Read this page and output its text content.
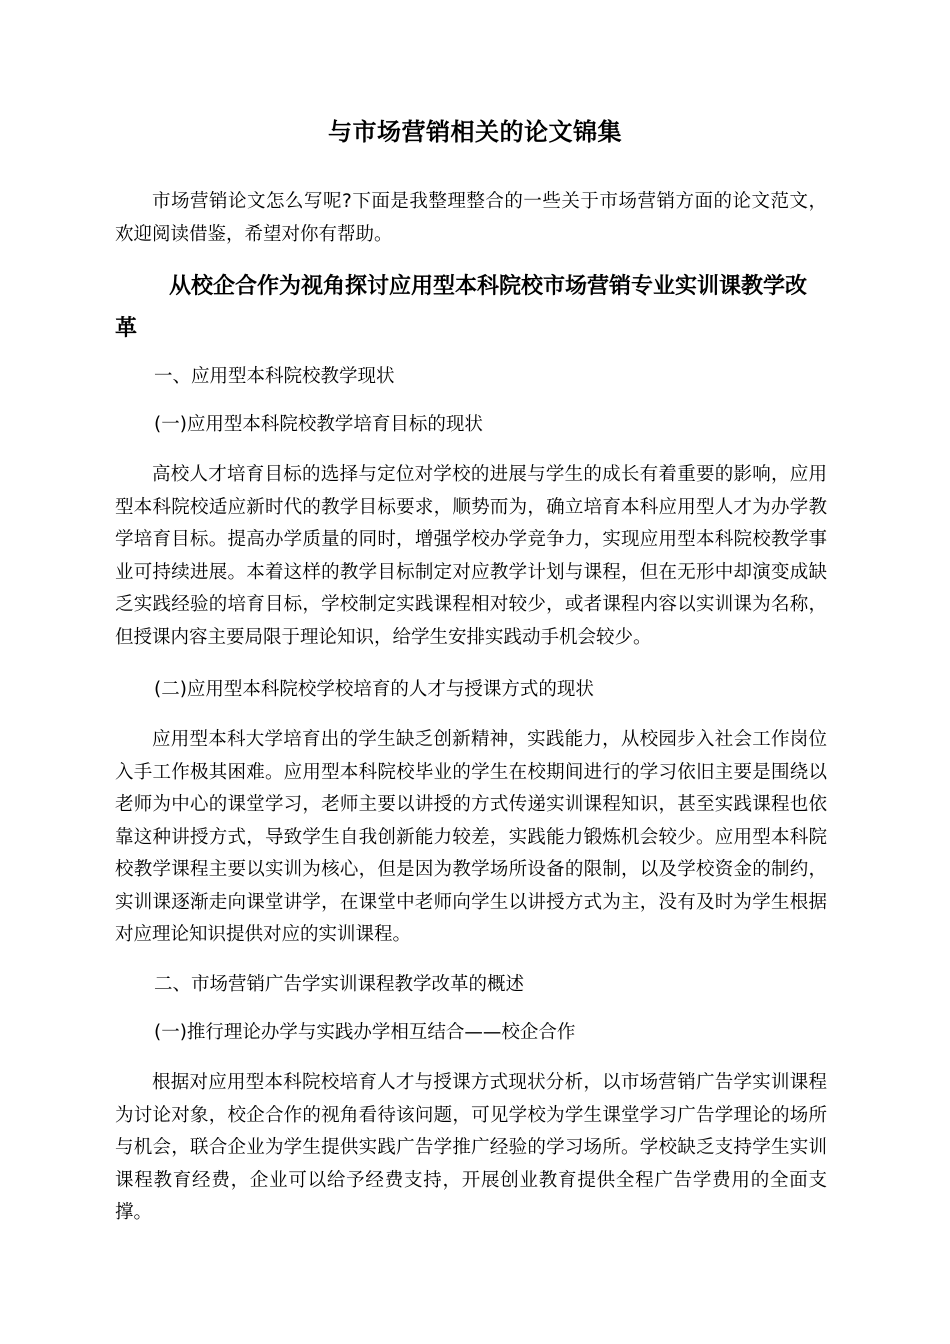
与市场营销相关的论文锦集
市场营销论文怎么写呢?下面是我整理整合的一些关于市场营销方面的论文范文，欢迎阅读借鉴，希望对你有帮助。
从校企合作为视角探讨应用型本科院校市场营销专业实训课教学改革
一、应用型本科院校教学现状
(一)应用型本科院校教学培育目标的现状
高校人才培育目标的选择与定位对学校的进展与学生的成长有着重要的影响，应用型本科院校适应新时代的教学目标要求，顺势而为，确立培育本科应用型人才为办学教学培育目标。提高办学质量的同时，增强学校办学竞争力，实现应用型本科院校教学事业可持续进展。本着这样的教学目标制定对应教学计划与课程，但在无形中却演变成缺乏实践经验的培育目标，学校制定实践课程相对较少，或者课程内容以实训课为名称，但授课内容主要局限于理论知识，给学生安排实践动手机会较少。
(二)应用型本科院校学校培育的人才与授课方式的现状
应用型本科大学培育出的学生缺乏创新精神，实践能力，从校园步入社会工作岗位入手工作极其困难。应用型本科院校毕业的学生在校期间进行的学习依旧主要是围绕以老师为中心的课堂学习，老师主要以讲授的方式传递实训课程知识，甚至实践课程也依靠这种讲授方式，导致学生自我创新能力较差，实践能力锻炼机会较少。应用型本科院校教学课程主要以实训为核心，但是因为教学场所设备的限制，以及学校资金的制约，实训课逐渐走向课堂讲学，在课堂中老师向学生以讲授方式为主，没有及时为学生根据对应理论知识提供对应的实训课程。
二、市场营销广告学实训课程教学改革的概述
(一)推行理论办学与实践办学相互结合——校企合作
根据对应用型本科院校培育人才与授课方式现状分析，以市场营销广告学实训课程为讨论对象，校企合作的视角看待该问题，可见学校为学生课堂学习广告学理论的场所与机会，联合企业为学生提供实践广告学推广经验的学习场所。学校缺乏支持学生实训课程教育经费，企业可以给予经费支持，开展创业教育提供全程广告学费用的全面支撑。
